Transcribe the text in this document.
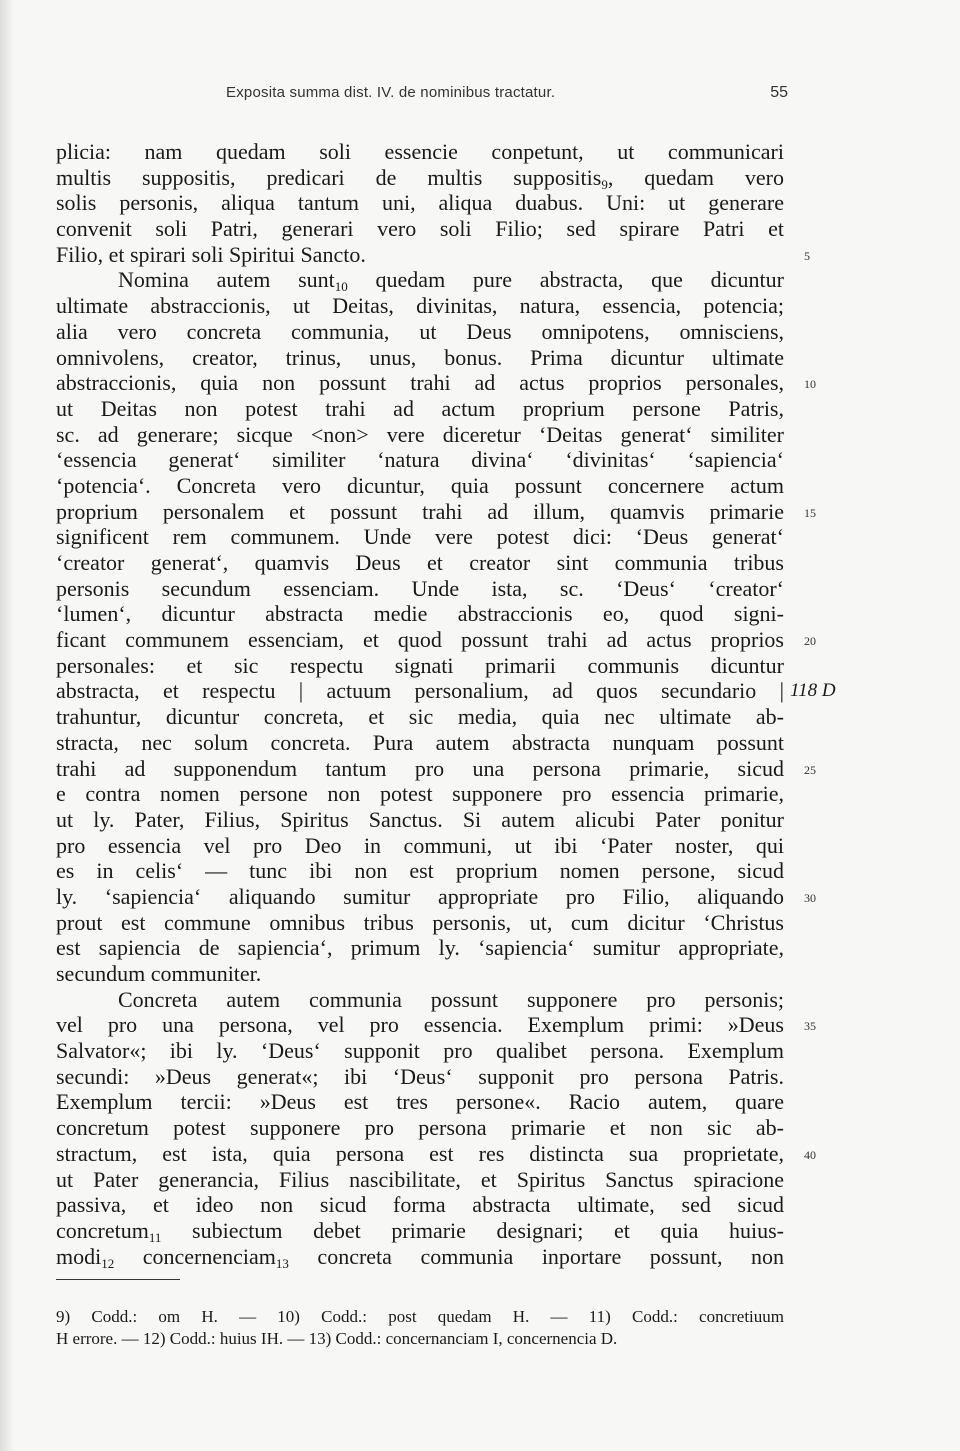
Exposita summa dist. IV. de nominibus tractatur.	55
plicia: nam quedam soli essencie conpetunt, ut communicari
multis suppositis, predicari de multis suppositis$_9$, quedam vero
solis personis, aliqua tantum uni, aliqua duabus. Uni: ut generare
convenit soli Patri, generari vero soli Filio; sed spirare Patri et
Filio, et spirari soli Spiritui Sancto.	5
Nomina autem sunt$_{10}$ quedam pure abstracta, que dicuntur
ultimate abstraccionis, ut Deitas, divinitas, natura, essencia, potencia;
alia vero concreta communia, ut Deus omnipotens, omnisciens,
omnivolens, creator, trinus, unus, bonus. Prima dicuntur ultimate
abstraccionis, quia non possunt trahi ad actus proprios personales, 10
ut Deitas non potest trahi ad actum proprium persone Patris,
sc. ad generare; sicque <non> vere diceretur ‘Deitas generat‘ similiter
‘essencia generat‘ similiter ‘natura divina‘ ‘divinitas‘ ‘sapiencia‘
‘potencia‘. Concreta vero dicuntur, quia possunt concernere actum
proprium personalem et possunt trahi ad illum, quamvis primarie 15
significent rem communem. Unde vere potest dici: ‘Deus generat‘
‘creator generat‘, quamvis Deus et creator sint communia tribus
personis secundum essenciam. Unde ista, sc. ‘Deus‘ ‘creator‘
‘lumen‘, dicuntur abstracta medie abstraccionis eo, quod signi-
ficant communem essenciam, et quod possunt trahi ad actus proprios 20
personales: et sic respectu signati primarii communis dicuntur
abstracta, et respectu | actuum personalium, ad quos secundario | 118 D
trahuntur, dicuntur concreta, et sic media, quia nec ultimate ab-
stracta, nec solum concreta. Pura autem abstracta nunquam possunt
trahi ad supponendum tantum pro una persona primarie, sicud 25
e contra nomen persone non potest supponere pro essencia primarie,
ut ly. Pater, Filius, Spiritus Sanctus. Si autem alicubi Pater ponitur
pro essencia vel pro Deo in communi, ut ibi ‘Pater noster, qui
es in celis‘ — tunc ibi non est proprium nomen persone, sicud
ly. ‘sapiencia‘ aliquando sumitur appropriate pro Filio, aliquando 30
prout est commune omnibus tribus personis, ut, cum dicitur ‘Christus
est sapiencia de sapiencia‘, primum ly. ‘sapiencia‘ sumitur appropriate,
secundum communiter.
Concreta autem communia possunt supponere pro personis;
vel pro una persona, vel pro essencia. Exemplum primi: »Deus 35
Salvator«; ibi ly. ‘Deus‘ supponit pro qualibet persona. Exemplum
secundi: »Deus generat«; ibi ‘Deus‘ supponit pro persona Patris.
Exemplum tercii: »Deus est tres persone«. Racio autem, quare
concretum potest supponere pro persona primarie et non sic ab-
stractum, est ista, quia persona est res distincta sua proprietate, 40
ut Pater generancia, Filius nascibilitate, et Spiritus Sanctus spiracione
passiva, et ideo non sicud forma abstracta ultimate, sed sicud
concretum$_{11}$ subiectum debet primarie designari; et quia huius-
modi$_{12}$ concernenciam$_{13}$ concreta communia inportare possunt, non
9) Codd.: om H. — 10) Codd.: post quedam H. — 11) Codd.: concretiuum
H errore. — 12) Codd.: huius IH. — 13) Codd.: concernanciam I, concernencia D.
